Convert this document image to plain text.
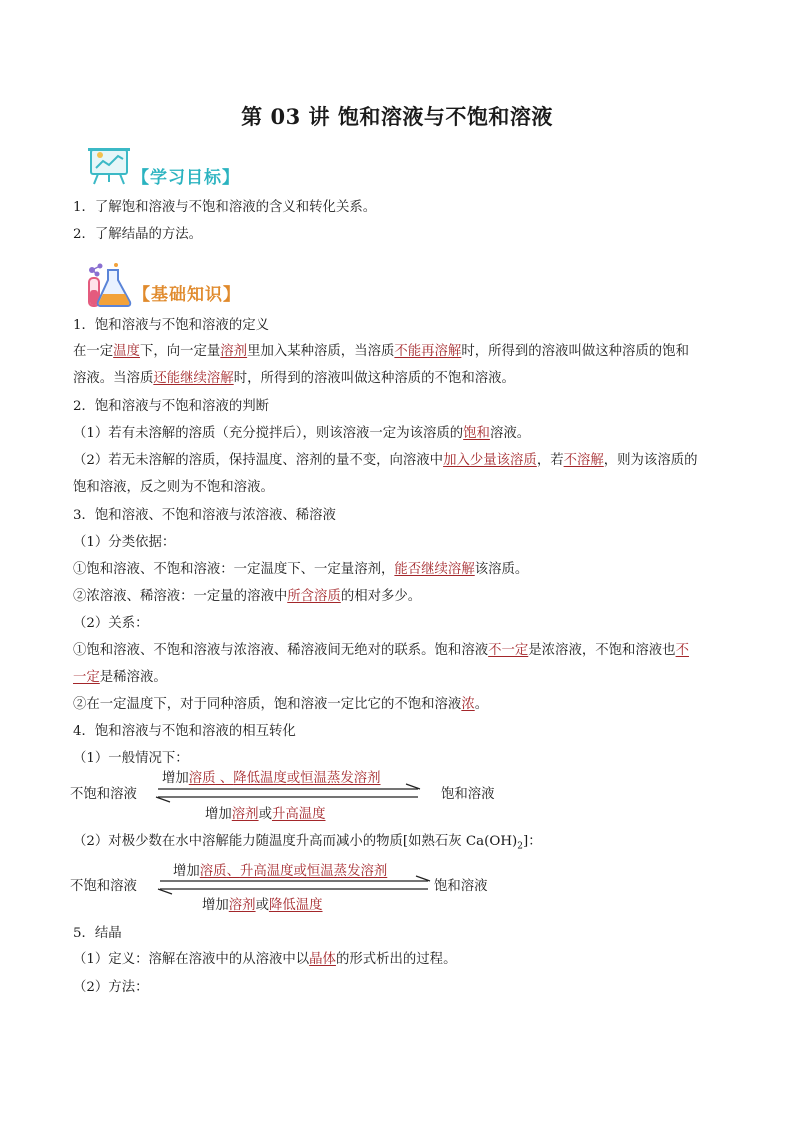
第 03 讲 饱和溶液与不饱和溶液
【学习目标】
1．了解饱和溶液与不饱和溶液的含义和转化关系。
2．了解结晶的方法。
【基础知识】
1．饱和溶液与不饱和溶液的定义
在一定温度下，向一定量溶剂里加入某种溶质，当溶质不能再溶解时，所得到的溶液叫做这种溶质的饱和
溶液。当溶质还能继续溶解时，所得到的溶液叫做这种溶质的不饱和溶液。
2．饱和溶液与不饱和溶液的判断
（1）若有未溶解的溶质（充分搅拌后），则该溶液一定为该溶质的饱和溶液。
（2）若无未溶解的溶质，保持温度、溶剂的量不变，向溶液中加入少量该溶质，若不溶解，则为该溶质的
饱和溶液，反之则为不饱和溶液。
3．饱和溶液、不饱和溶液与浓溶液、稀溶液
（1）分类依据：
①饱和溶液、不饱和溶液：一定温度下、一定量溶剂，能否继续溶解该溶质。
②浓溶液、稀溶液：一定量的溶液中所含溶质的相对多少。
（2）关系：
①饱和溶液、不饱和溶液与浓溶液、稀溶液间无绝对的联系。饱和溶液不一定是浓溶液，不饱和溶液也不
一定是稀溶液。
②在一定温度下，对于同种溶质，饱和溶液一定比它的不饱和溶液浓。
4．饱和溶液与不饱和溶液的相互转化
（1）一般情况下：
不饱和溶液	饱和溶液
增加溶质 、降低温度或恒温蒸发溶剂
增加溶剂或升高温度
（2）对极少数在水中溶解能力随温度升高而减小的物质[如熟石灰 $Ca(OH)_2$]：
不饱和溶液	饱和溶液
增加溶质、升高温度或恒温蒸发溶剂
增加溶剂或降低温度
5．结晶
（1）定义：溶解在溶液中的从溶液中以晶体的形式析出的过程。
（2）方法：
